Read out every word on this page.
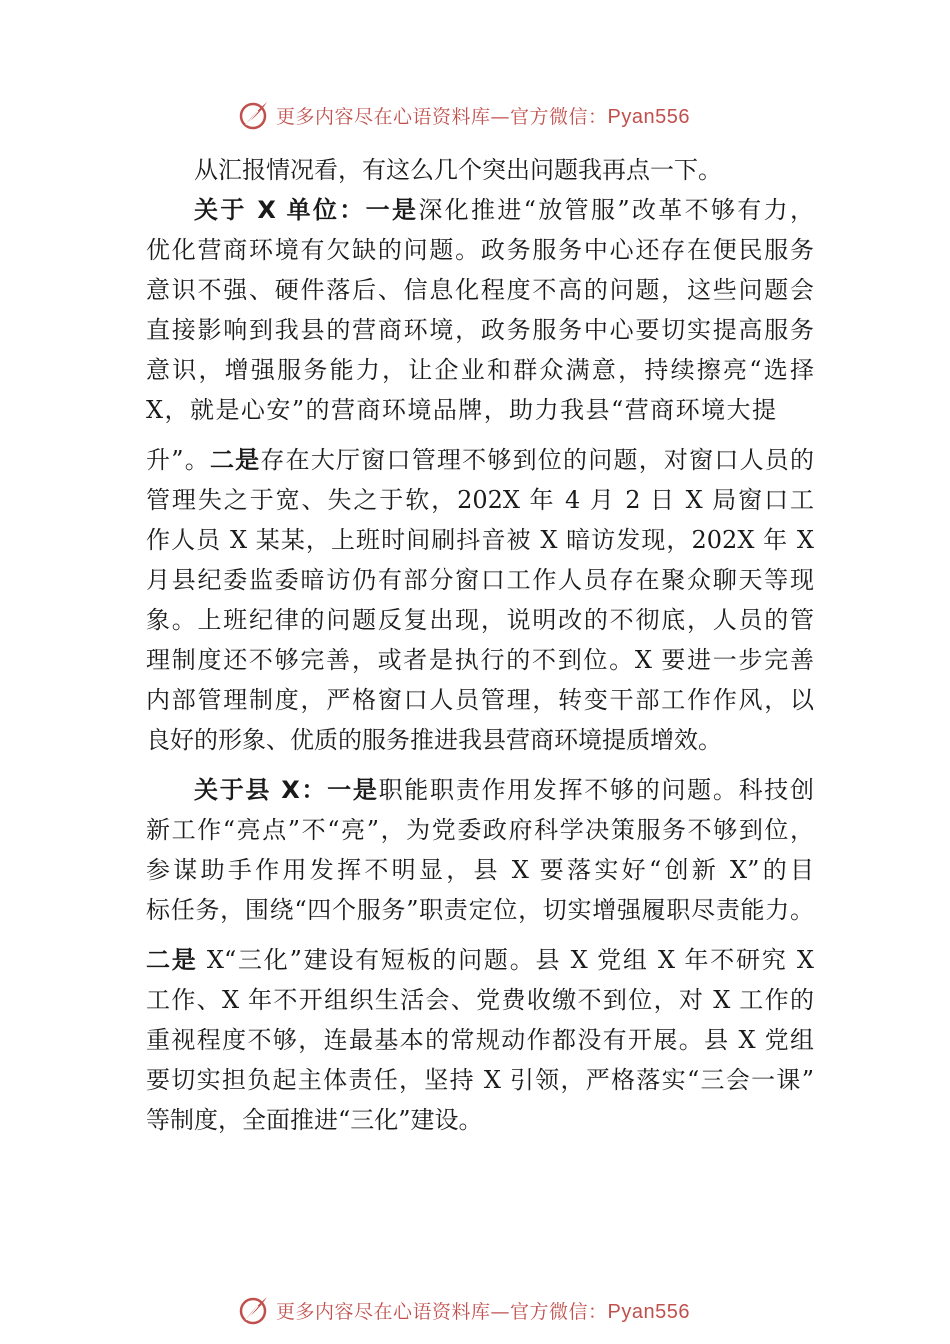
更多内容尽在心语资料库—官方微信：Pyan556
从汇报情况看，有这么几个突出问题我再点一下。
关于 X 单位：一是深化推进“放管服”改革不够有力，
优化营商环境有欠缺的问题。政务服务中心还存在便民服务
意识不强、硬件落后、信息化程度不高的问题，这些问题会
直接影响到我县的营商环境，政务服务中心要切实提高服务
意识，增强服务能力，让企业和群众满意，持续擦亮“选择
X，就是心安”的营商环境品牌，助力我县“营商环境大提
升”。二是存在大厅窗口管理不够到位的问题，对窗口人员的
管理失之于宽、失之于软，202X 年 4 月 2 日 X 局窗口工
作人员 X 某某，上班时间刷抖音被 X 暗访发现，202X 年 X
月县纪委监委暗访仍有部分窗口工作人员存在聚众聊天等现
象。上班纪律的问题反复出现，说明改的不彻底，人员的管
理制度还不够完善，或者是执行的不到位。X 要进一步完善
内部管理制度，严格窗口人员管理，转变干部工作作风，以
良好的形象、优质的服务推进我县营商环境提质增效。
关于县 X：一是职能职责作用发挥不够的问题。科技创
新工作“亮点”不“亮”，为党委政府科学决策服务不够到位，
参谋助手作用发挥不明显，县 X 要落实好“创新 X”的目
标任务，围绕“四个服务”职责定位，切实增强履职尽责能力。
二是 X“三化”建设有短板的问题。县 X 党组 X 年不研究 X
工作、X 年不开组织生活会、党费收缴不到位，对 X 工作的
重视程度不够，连最基本的常规动作都没有开展。县 X 党组
要切实担负起主体责任，坚持 X 引领，严格落实“三会一课”
等制度，全面推进“三化”建设。
更多内容尽在心语资料库—官方微信：Pyan556
